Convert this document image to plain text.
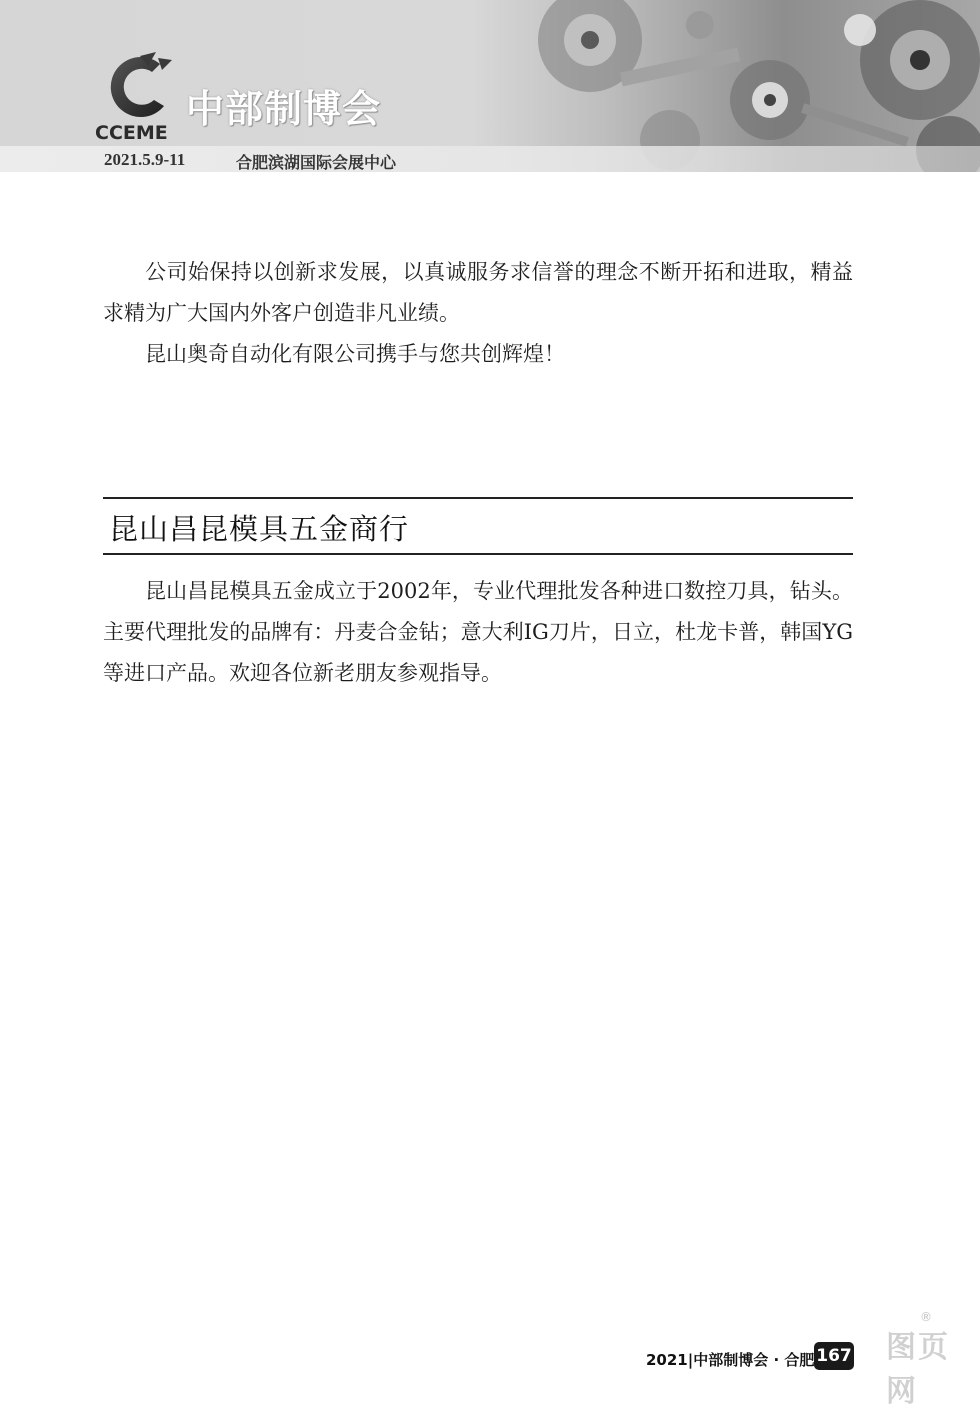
CCEME
中部制博会
2021.5.9-11	合肥滨湖国际会展中心

公司始保持以创新求发展，以真诚服务求信誉的理念不断开拓和进取，精益求精为广大国内外客户创造非凡业绩。

昆山奥奇自动化有限公司携手与您共创辉煌！

昆山昌昆模具五金商行

昆山昌昆模具五金成立于2002年，专业代理批发各种进口数控刀具，钻头。主要代理批发的品牌有：丹麦合金钻；意大利IG刀片，日立，杜龙卡普，韩国YG等进口产品。欢迎各位新老朋友参观指导。

2021|中部制博会 · 合肥 167 图页网
®
